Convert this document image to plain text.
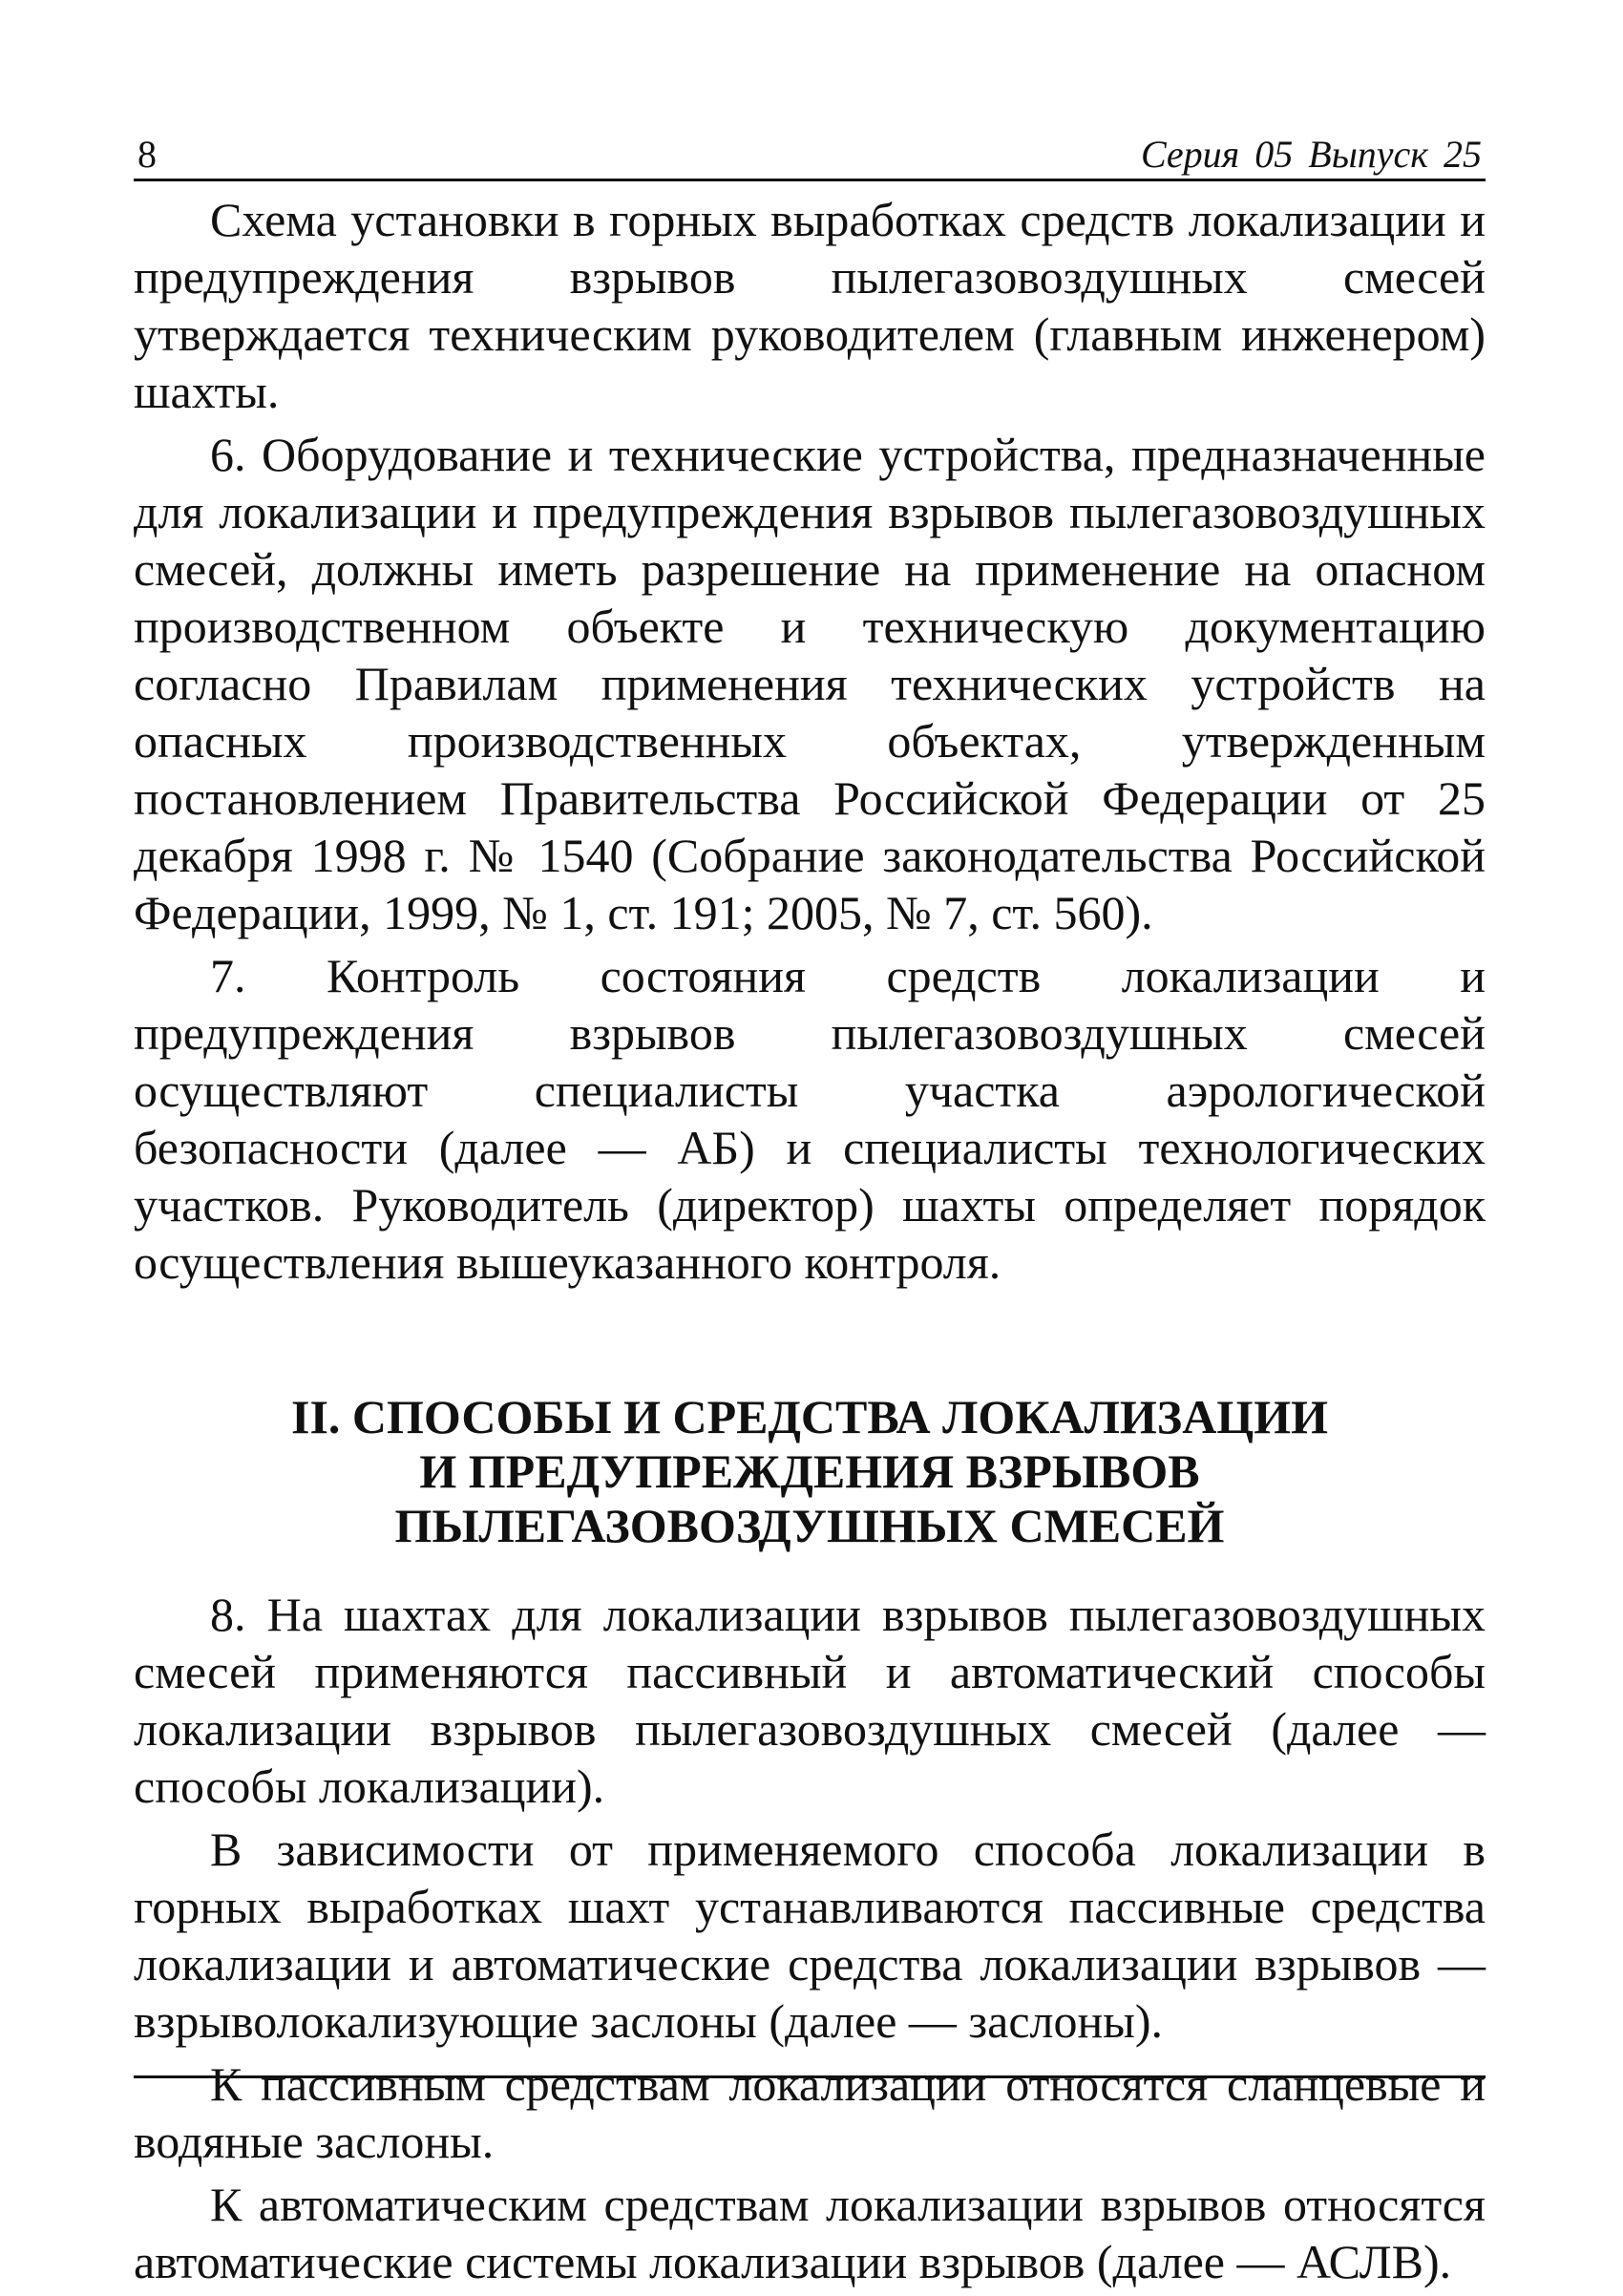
8	Серия 05 Выпуск 25

Схема установки в горных выработках средств локализации и предупреждения взрывов пылегазовоздушных смесей утверждается техническим руководителем (главным инженером) шахты.

6. Оборудование и технические устройства, предназначенные для локализации и предупреждения взрывов пылегазовоздушных смесей, должны иметь разрешение на применение на опасном производственном объекте и техническую документацию согласно Правилам применения технических устройств на опасных производственных объектах, утвержденным постановлением Правительства Российской Федерации от 25 декабря 1998 г. № 1540 (Собрание законодательства Российской Федерации, 1999, № 1, ст. 191; 2005, № 7, ст. 560).

7. Контроль состояния средств локализации и предупреждения взрывов пылегазовоздушных смесей осуществляют специалисты участка аэрологической безопасности (далее — АБ) и специалисты технологических участков. Руководитель (директор) шахты определяет порядок осуществления вышеуказанного контроля.

II. СПОСОБЫ И СРЕДСТВА ЛОКАЛИЗАЦИИ
И ПРЕДУПРЕЖДЕНИЯ ВЗРЫВОВ
ПЫЛЕГАЗОВОЗДУШНЫХ СМЕСЕЙ

8. На шахтах для локализации взрывов пылегазовоздушных смесей применяются пассивный и автоматический способы локализации взрывов пылегазовоздушных смесей (далее — способы локализации).

В зависимости от применяемого способа локализации в горных выработках шахт устанавливаются пассивные средства локализации и автоматические средства локализации взрывов — взрыволокализующие заслоны (далее — заслоны).

К пассивным средствам локализации относятся сланцевые и водяные заслоны.

К автоматическим средствам локализации взрывов относятся автоматические системы локализации взрывов (далее — АСЛВ).
